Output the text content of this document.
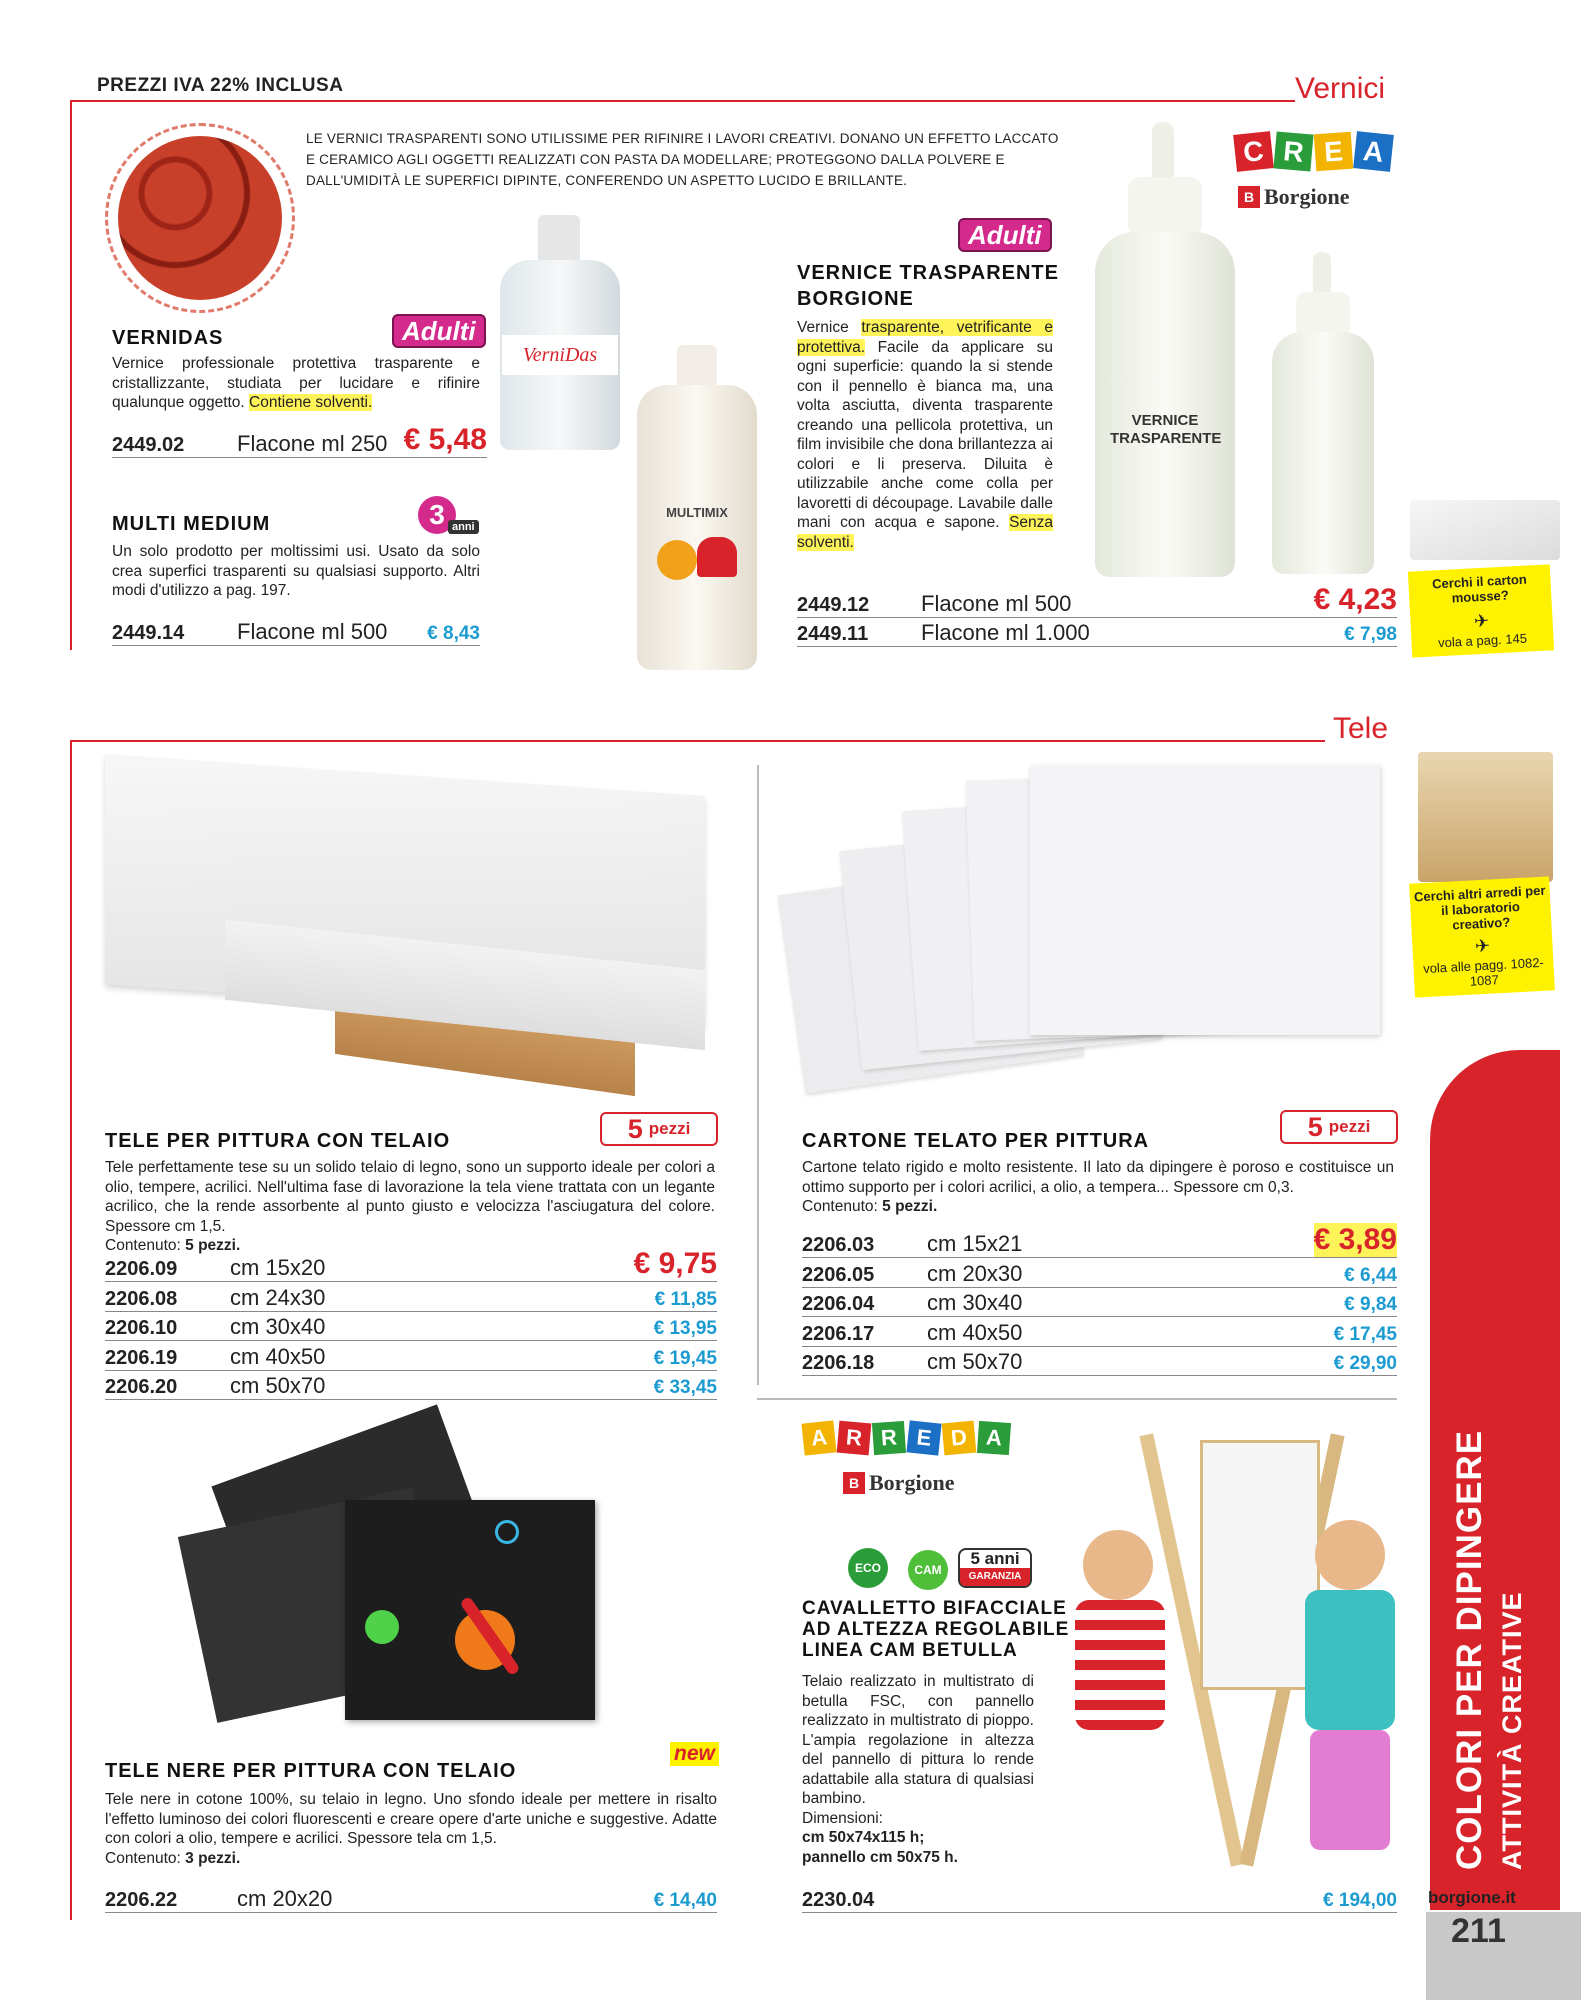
PREZZI IVA 22% INCLUSA	Vernici
LE VERNICI TRASPARENTI SONO UTILISSIME PER RIFINIRE I LAVORI CREATIVI. DONANO UN EFFETTO LACCATO E CERAMICO AGLI OGGETTI REALIZZATI CON PASTA DA MODELLARE; PROTEGGONO DALLA POLVERE E DALL'UMIDITÀ LE SUPERFICI DIPINTE, CONFERENDO UN ASPETTO LUCIDO E BRILLANTE.
C R E A
B Borgione
Adulti
VERNIDAS
Vernice professionale protettiva trasparente e cristallizzante, studiata per lucidare e rifinire qualunque oggetto. Contiene solventi.
2449.02	Flacone ml 250 € 5,48
VerniDas
3 anni
MULTI MEDIUM
Un solo prodotto per moltissimi usi. Usato da solo crea superfici trasparenti su qualsiasi supporto. Altri modi d'utilizzo a pag. 197.
2449.14	Flacone ml 500 € 8,43
MULTIMIX
Adulti
VERNICE TRASPARENTE
BORGIONE
Vernice trasparente, vetrificante e protettiva. Facile da applicare su ogni superficie: quando la si stende con il pennello è bianca ma, una volta asciutta, diventa trasparente creando una pellicola protettiva, un film invisibile che dona brillantezza ai colori e li preserva. Diluita è utilizzabile anche come colla per lavoretti di découpage. Lavabile dalle mani con acqua e sapone. Senza solventi.
VERNICE
TRASPARENTE
2449.12	Flacone ml 500	€ 4,23
2449.11	Flacone ml 1.000	€ 7,98
Cerchi il carton mousse?
✈
vola a pag. 145
Tele
Cerchi altri arredi per il laboratorio creativo?
✈
vola alle pagg. 1082-1087
5 pezzi
TELE PER PITTURA CON TELAIO
Tele perfettamente tese su un solido telaio di legno, sono un supporto ideale per colori a olio, tempere, acrilici. Nell'ultima fase di lavorazione la tela viene trattata con un legante acrilico, che la rende assorbente al punto giusto e velocizza l'asciugatura del colore. Spessore cm 1,5.
Contenuto: 5 pezzi.
2206.09	cm 15x20	€ 9,75
2206.08	cm 24x30	€ 11,85
2206.10	cm 30x40	€ 13,95
2206.19	cm 40x50	€ 19,45
2206.20	cm 50x70	€ 33,45
5 pezzi
CARTONE TELATO PER PITTURA
Cartone telato rigido e molto resistente. Il lato da dipingere è poroso e costituisce un ottimo supporto per i colori acrilici, a olio, a tempera... Spessore cm 0,3.
Contenuto: 5 pezzi.
2206.03	cm 15x21	€ 3,89
2206.05	cm 20x30	€ 6,44
2206.04	cm 30x40	€ 9,84
2206.17	cm 40x50	€ 17,45
2206.18	cm 50x70	€ 29,90
new
TELE NERE PER PITTURA CON TELAIO
Tele nere in cotone 100%, su telaio in legno. Uno sfondo ideale per mettere in risalto l'effetto luminoso dei colori fluorescenti e creare opere d'arte uniche e suggestive. Adatte con colori a olio, tempere e acrilici. Spessore tela cm 1,5.
Contenuto: 3 pezzi.
2206.22	cm 20x20	€ 14,40
A R R E D A
B Borgione
ECO	CAM
5 anni
GARANZIA
CAVALLETTO BIFACCIALE
AD ALTEZZA REGOLABILE
LINEA CAM BETULLA
Telaio realizzato in multistrato di betulla FSC, con pannello realizzato in multistrato di pioppo. L'ampia regolazione in altezza del pannello di pittura lo rende adattabile alla statura di qualsiasi bambino.
Dimensioni:
cm 50x74x115 h;
pannello cm 50x75 h.
2230.04	€ 194,00
COLORI PER DIPINGERE ATTIVITÀ CREATIVE
borgione.it
211
